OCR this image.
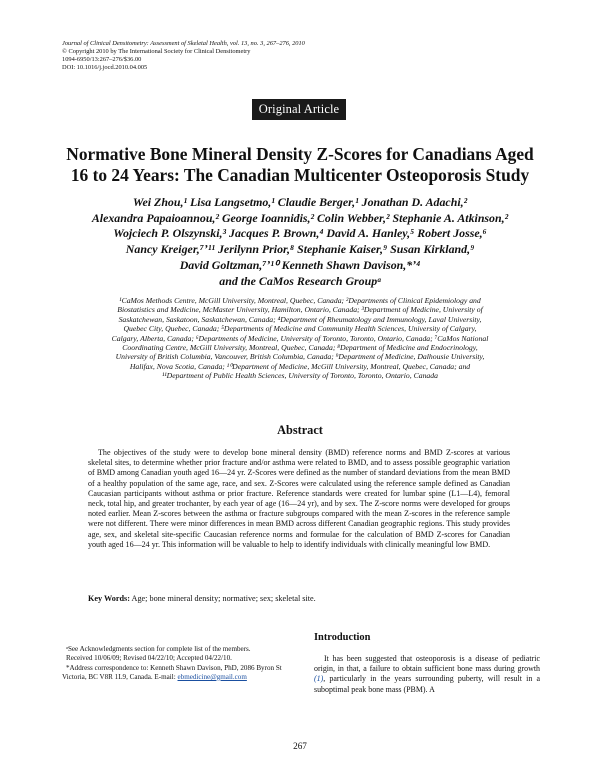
Journal of Clinical Densitometry: Assessment of Skeletal Health, vol. 13, no. 3, 267–276, 2010
© Copyright 2010 by The International Society for Clinical Densitometry
1094-6950/13:267–276/$36.00
DOI: 10.1016/j.jocd.2010.04.005
Original Article
Normative Bone Mineral Density Z-Scores for Canadians Aged
16 to 24 Years: The Canadian Multicenter Osteoporosis Study
Wei Zhou,¹ Lisa Langsetmo,¹ Claudie Berger,¹ Jonathan D. Adachi,²
Alexandra Papaioannou,² George Ioannidis,² Colin Webber,² Stephanie A. Atkinson,²
Wojciech P. Olszynski,³ Jacques P. Brown,⁴ David A. Hanley,⁵ Robert Josse,⁶
Nancy Kreiger,⁷ʼ¹¹ Jerilynn Prior,⁸ Stephanie Kaiser,⁹ Susan Kirkland,⁹
David Goltzman,⁷ʼ¹⁰ Kenneth Shawn Davison,*ʼ⁴
and the CaMos Research Groupᵃ
¹CaMos Methods Centre, McGill University, Montreal, Quebec, Canada; ²Departments of Clinical Epidemiology and
Biostatistics and Medicine, McMaster University, Hamilton, Ontario, Canada; ³Department of Medicine, University of
Saskatchewan, Saskatoon, Saskatchewan, Canada; ⁴Department of Rheumatology and Immunology, Laval University,
Quebec City, Quebec, Canada; ⁵Departments of Medicine and Community Health Sciences, University of Calgary,
Calgary, Alberta, Canada; ⁶Departments of Medicine, University of Toronto, Toronto, Ontario, Canada; ⁷CaMos National
Coordinating Centre, McGill University, Montreal, Quebec, Canada; ⁸Department of Medicine and Endocrinology,
University of British Columbia, Vancouver, British Columbia, Canada; ⁹Department of Medicine, Dalhousie University,
Halifax, Nova Scotia, Canada; ¹⁰Department of Medicine, McGill University, Montreal, Quebec, Canada; and
¹¹Department of Public Health Sciences, University of Toronto, Toronto, Ontario, Canada
Abstract
The objectives of the study were to develop bone mineral density (BMD) reference norms and BMD Z-scores at various skeletal sites, to determine whether prior fracture and/or asthma were related to BMD, and to assess possible geographic variation of BMD among Canadian youth aged 16—24 yr. Z-Scores were defined as the number of standard deviations from the mean BMD of a healthy population of the same age, race, and sex. Z-Scores were calculated using the reference sample defined as Canadian Caucasian participants without asthma or prior fracture. Reference standards were created for lumbar spine (L1—L4), femoral neck, total hip, and greater trochanter, by each year of age (16—24 yr), and by sex. The Z-score norms were developed for groups noted earlier. Mean Z-scores between the asthma or fracture subgroups compared with the mean Z-scores in the reference sample were not different. There were minor differences in mean BMD across different Canadian geographic regions. This study provides age, sex, and skeletal site-specific Caucasian reference norms and formulae for the calculation of BMD Z-scores for Canadian youth aged 16—24 yr. This information will be valuable to help to identify individuals with clinically meaningful low BMD.
Key Words: Age; bone mineral density; normative; sex; skeletal site.
ᵃSee Acknowledgments section for complete list of the members.
Received 10/06/09; Revised 04/22/10; Accepted 04/22/10.
*Address correspondence to: Kenneth Shawn Davison, PhD, 2086 Byron St Victoria, BC V8R 1L9, Canada. E-mail: ebmedicine@gmail.com
Introduction
It has been suggested that osteoporosis is a disease of pediatric origin, in that, a failure to obtain sufficient bone mass during growth (1), particularly in the years surrounding puberty, will result in a suboptimal peak bone mass (PBM). A
267
